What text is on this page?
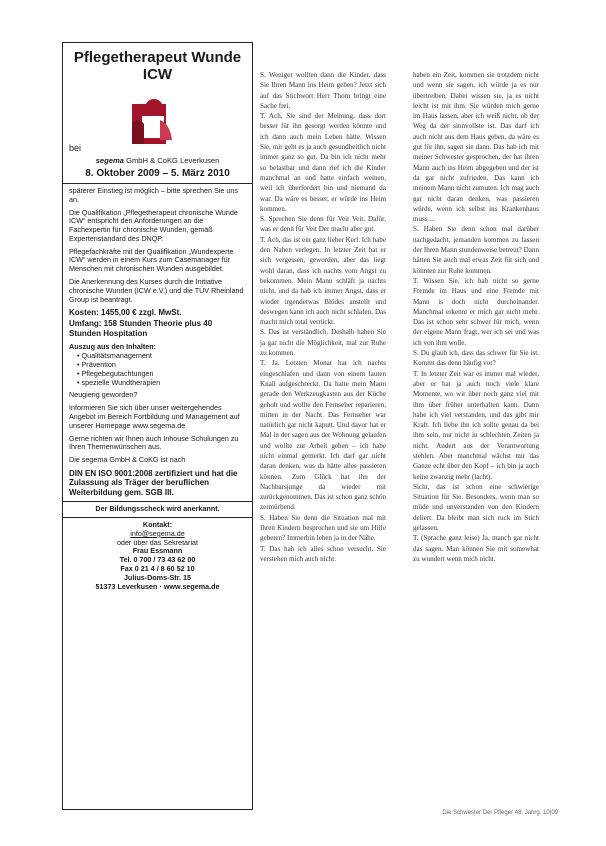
Pflegetherapeut Wunde ICW
bei
segema GmbH & CoKG Leverkusen
8. Oktober 2009 – 5. März 2010

späterer Einstieg ist möglich – bitte sprechen Sie uns an.

Die Qualifikation „Pflegetherapeut chronische Wunde ICW“ entspricht den Anforderungen an die Fachexpertin für chronische Wunden, gemäß Expertenstandard des DNQP.

Pflegefachkräfte mit der Qualifikation „Wundexperte ICW“ werden in einem Kurs zum Casemanager für Menschen mit chronischen Wunden ausgebildet.

Die Anerkennung des Kurses durch die Initiative chronische Wunden (ICW e.V.) und die TÜV Rheinland Group ist beantragt.

Kosten: 1455,00 € zzgl. MwSt.
Umfang: 158 Stunden Theorie plus 40 Stunden Hospitation
Auszug aus den Inhalten:
• Qualitätsmanagement
• Prävention
• Pflegebegutachtungen
• spezielle Wundtherapien

Neugierig geworden?

Informieren Sie sich über unser weitergehendes Angebot im Bereich Fortbildung und Management auf unserer Homepage www.segema.de

Gerne richten wir Ihnen auch Inhouse Schulungen zu Ihren Themenwünschen aus.

Die segema GmbH & CoKG ist nach

DIN EN ISO 9001:2008 zertifiziert und hat die Zulassung als Träger der beruflichen Weiterbildung gem. SGB III.
Der Bildungsscheck wird anerkannt.
Kontakt:
info@segema.de
oder über das Sekretariat
Frau Essmann
Tel. 0 700 / 73 43 62 00
Fax 0 21 4 / 8 60 52 10
Julius-Doms-Str. 15
51373 Leverkusen · www.segema.de

S. Weniger wollten dann die Kinder, dass Sie Ihren Mann ins Heim geben? Jetzt sich auf das Stichwort Herr Thom bringt eine Sache frei.

T. Ach, Sie sind der Meinung, dass dort besser für ihn gesorgt werden könnte und ich dann auch mein Leben hätte. Wissen Sie, mir geht es ja auch gesundheitlich nicht immer ganz so gut. Da bin ich nicht mehr so belastbar und dann rief ich die Kinder manchmal an und hatte einfach weinen, weil ich überfordert bin und niemand da war. Da wäre es besser, er würde ins Heim kommen.

S. Sprechen Sie denn für Veit Veit. Dafür, was er denn für Veit Der macht aber gut.

T. Ach, das ist ein ganz lieber Kerl. Ich habe den Nahen verlegen. In letzter Zeit hat er sich vergessen, geworden, aber das liegt wohl daran, dass ich nachts vom Angst zu bekommen. Mein Mann schläft ja nachts nicht, und da hab ich immer Angst, dass er wieder irgendetwas Blödes anstellt und deswegen kann ich auch nicht schlafen. Das macht mich total verrückt.

S. Das ist verständlich. Deshalb haben Sie ja gar nicht die Möglichkeit, mal zur Ruhe zu kommen.

T. Ja. Letzten Monat hat ich nachts eingeschlafen und dann von einem lauten Knall aufgeschreckt. Da hatte mein Mann gerade den Werkzeugkasten aus der Küche geholt und wollte den Fernseher reparieren, mitten in der Nacht. Das Fernseher war natürlich gar nicht kaputt. Und davor hat er Mal in der sagen aus der Wohnung gelaufen und wollte zur Arbeit gehen – ich habe nicht einmal gemerkt. Ich darf gar nicht daran denken, was da hätte alles passieren können. Zum Glück hat ihn der Nachbarsjunge da wieder mit zurückgenommen. Das ist schon ganz schön zermürbend.

S. Haben Sie denn die Situation mal mit Ihren Kindern besprochen und sie um Hilfe gebeten? Immerhin leben ja in der Nähe.

T. Das hab ich alles schon versucht. Sie verstehen mich auch nicht.

haben ein Zeit, kommen sie trotzdem nicht und wenn sie sagen, ich würde ja es nur übertreiben. Dabei wissen sie, ja es nicht leicht ist mit ihm. Sie würden mich gerne im Haus lassen, aber ich weiß nicht, ob der Weg da der sinnvollste ist. Das darf ich auch nicht aus dem Haus geben, da wäre es gut für ihn, sagen sie dann. Das hab ich mit meiner Schwester gesprochen, der hat ihren Mann auch ins Heim abgegeben und der ist da gar nicht zufrieden. Das kann ich meinem Mann nicht zumuten. Ich mag auch gar nicht daran denken, was passieren würde, wenn ich selbst ins Krankenhaus muss ...

S. Haben Sie denn schon mal darüber nachgedacht, jemanden kommen zu lassen der Ihren Mann stundenweise betreut? Dann hätten Sie auch mal etwas Zeit für sich und könnten zur Ruhe kommen.

T. Wissen Sie, ich hab nicht so gerne Fremde im Haus und eine Fremde mit Mann is doch nicht durcheinander. Manchmal erkennt er mich gar nicht mehr. Das ist schon sehr schwer für mich, wenn der eigene Mann fragt, wer ich sei und was ich von ihm wolle.

S. Du glaub ich, dass das schwer für Sie ist. Kommt das denn häufig vor?

T. In letzter Zeit war es immer mal wieder, aber er hat ja auch noch viele klare Momente, wo wir über noch ganz viel mit ihm über früher unterhalten kann. Dann habe ich viel verstanden, und das gibt mir Kraft. Ich liebe ihn ich sollte genau da bei ihm sein, nur nicht in schlechten Zeiten ja nicht. Andert aus der Verantwortung stehlen. Aber manchmal wächst mir das Ganze echt über den Kopf – ich bin ja auch keine zwanzig mehr (lacht).

Sicht, das ist schon eine schwierige Situation für Sie. Besonders, wenn man so müde und unverstanden von den Kindern deliert. Da bleibt man sich ruck im Stich gelassen.

T. (Sprache ganz leise) Ja, manch gar nicht das sagen. Man können Sie mit somewhat zu wundert wenn mich nicht.

Die Schwester Der Pfleger 48. Jahrg. 10|09
